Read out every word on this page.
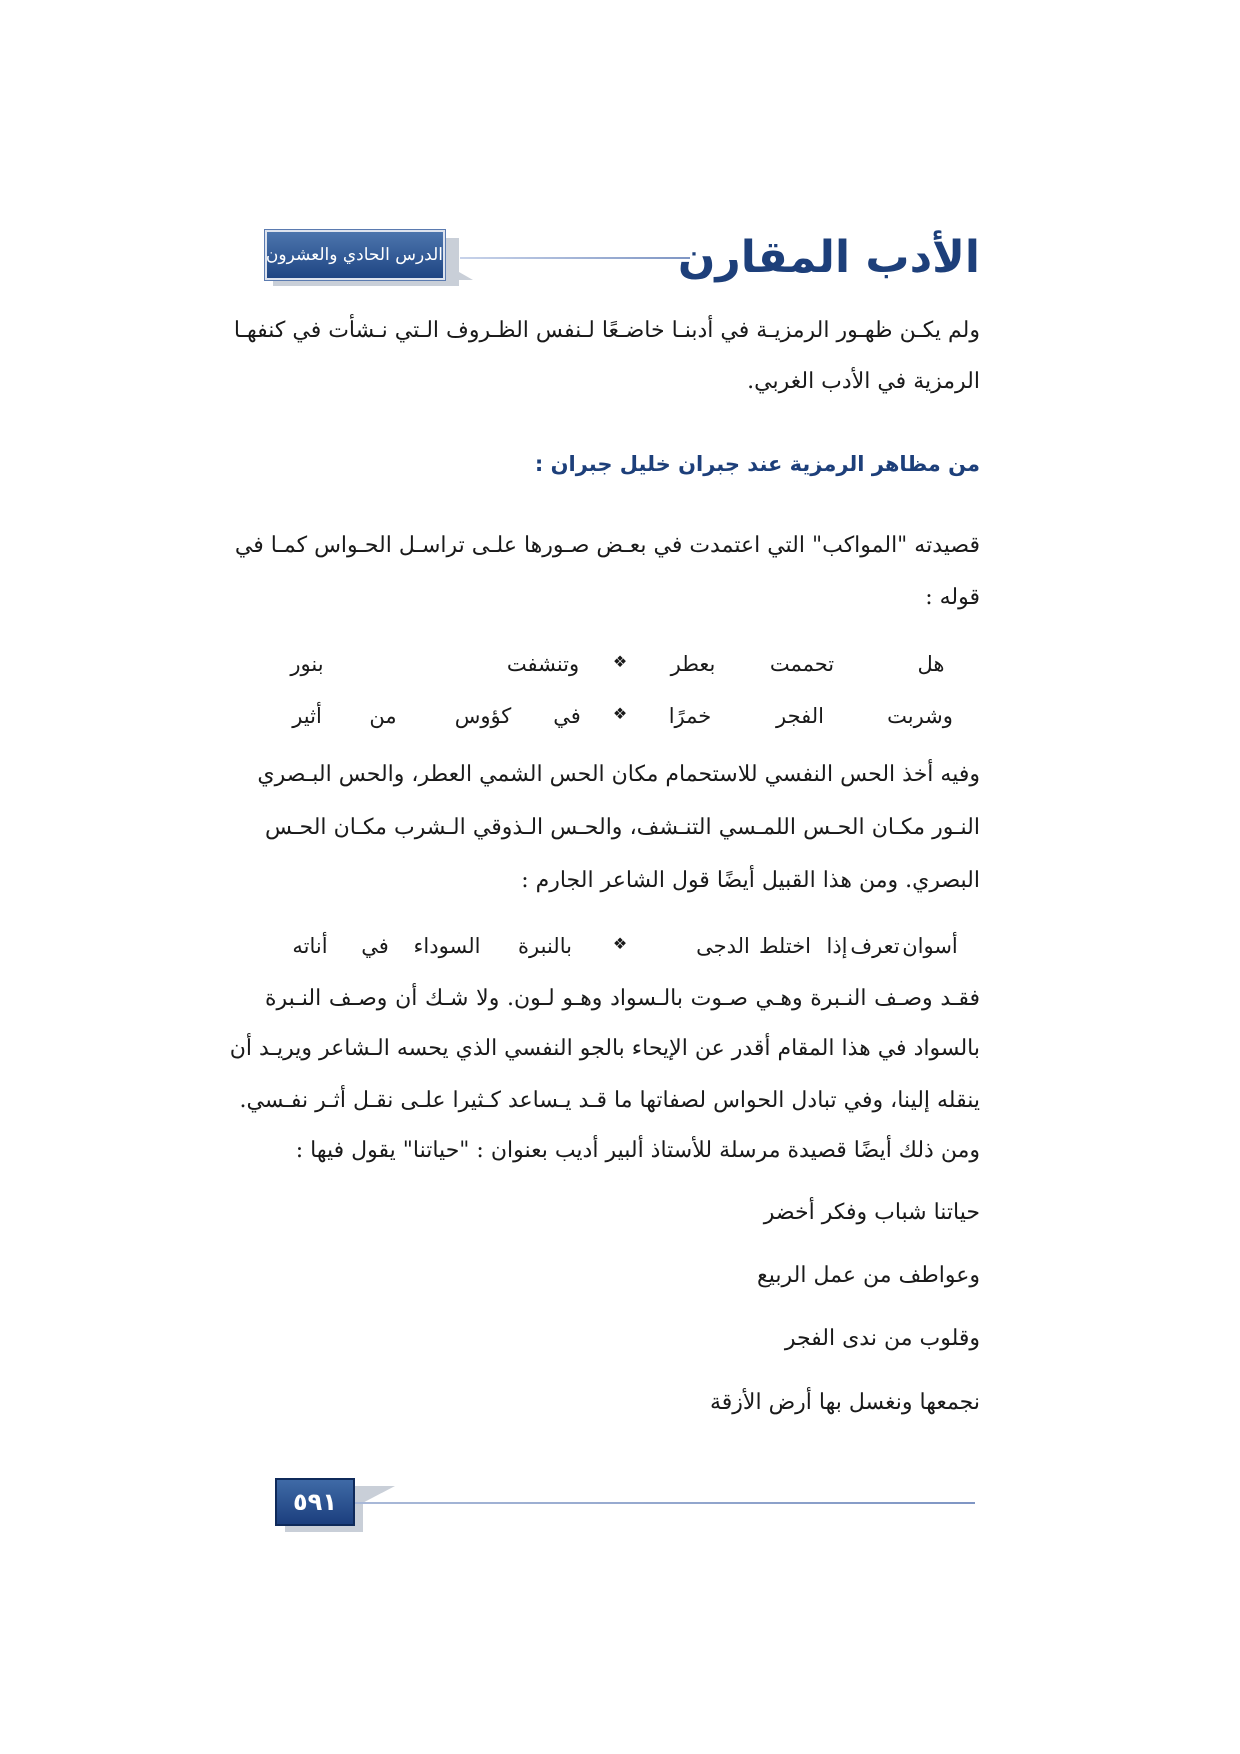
الدرس الحادي والعشرون	الأدب المقارن
ولم يكـن ظهـور الرمزيـة في أدبنـا خاضـعًا لـنفس الظـروف الـتي نـشأت في كنفهـا
الرمزية في الأدب الغربي.
من مظاهر الرمزية عند جبران خليل جبران :
قصيدته "المواكب" التي اعتمدت في بعـض صـورها علـى تراسـل الحـواس كمـا في
قوله :
هل
تحممت
بعطر
❖
وتنشفت
بنور
وشربت
الفجر
خمرًا
❖
في
كؤوس
من
أثير
وفيه أخذ الحس النفسي للاستحمام مكان الحس الشمي العطر، والحس البـصري
النـور مكـان الحـس اللمـسي التنـشف، والحـس الـذوقي الـشرب مكـان الحـس
البصري. ومن هذا القبيل أيضًا قول الشاعر الجارم :
أسوان
تعرف
إذا
اختلط
الدجى
❖
بالنبرة
السوداء
في
أناته
فقـد وصـف النـبرة وهـي صـوت بالـسواد وهـو لـون. ولا شـك أن وصـف النـبرة
بالسواد في هذا المقام أقدر عن الإيحاء بالجو النفسي الذي يحسه الـشاعر ويريـد أن
ينقله إلينا، وفي تبادل الحواس لصفاتها ما قـد يـساعد كـثيرا علـى نقـل أثـر نفـسي.
ومن ذلك أيضًا قصيدة مرسلة للأستاذ ألبير أديب بعنوان : "حياتنا" يقول فيها :
حياتنا شباب وفكر أخضر
وعواطف من عمل الربيع
وقلوب من ندى الفجر
نجمعها ونغسل بها أرض الأزقة
٥٩١
